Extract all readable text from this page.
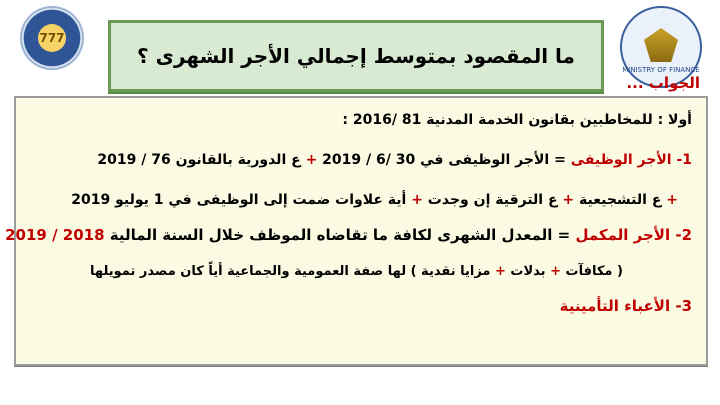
777
MINISTRY OF FINANCE
ما المقصود بمتوسط إجمالي الأجر الشهرى ؟
الجواب ...
أولا : للمخاطبين بقانون الخدمة المدنية 81 /2016 :
1- الأجر الوظيفى = الأجر الوظيفى في 30 /6 / 2019 + ع الدورية بالقانون 76 / 2019
+ ع التشجيعية + ع الترقية إن وجدت + أية علاوات ضمت إلى الوظيفى في 1 يوليو 2019
2- الأجر المكمل = المعدل الشهرى لكافة ما تقاضاه الموظف خلال السنة المالية 2018 / 2019
( مكافآت + بدلات + مزايا نقدية ) لها صفة العمومية والجماعية أياً كان مصدر تمويلها
3- الأعباء التأمينية
